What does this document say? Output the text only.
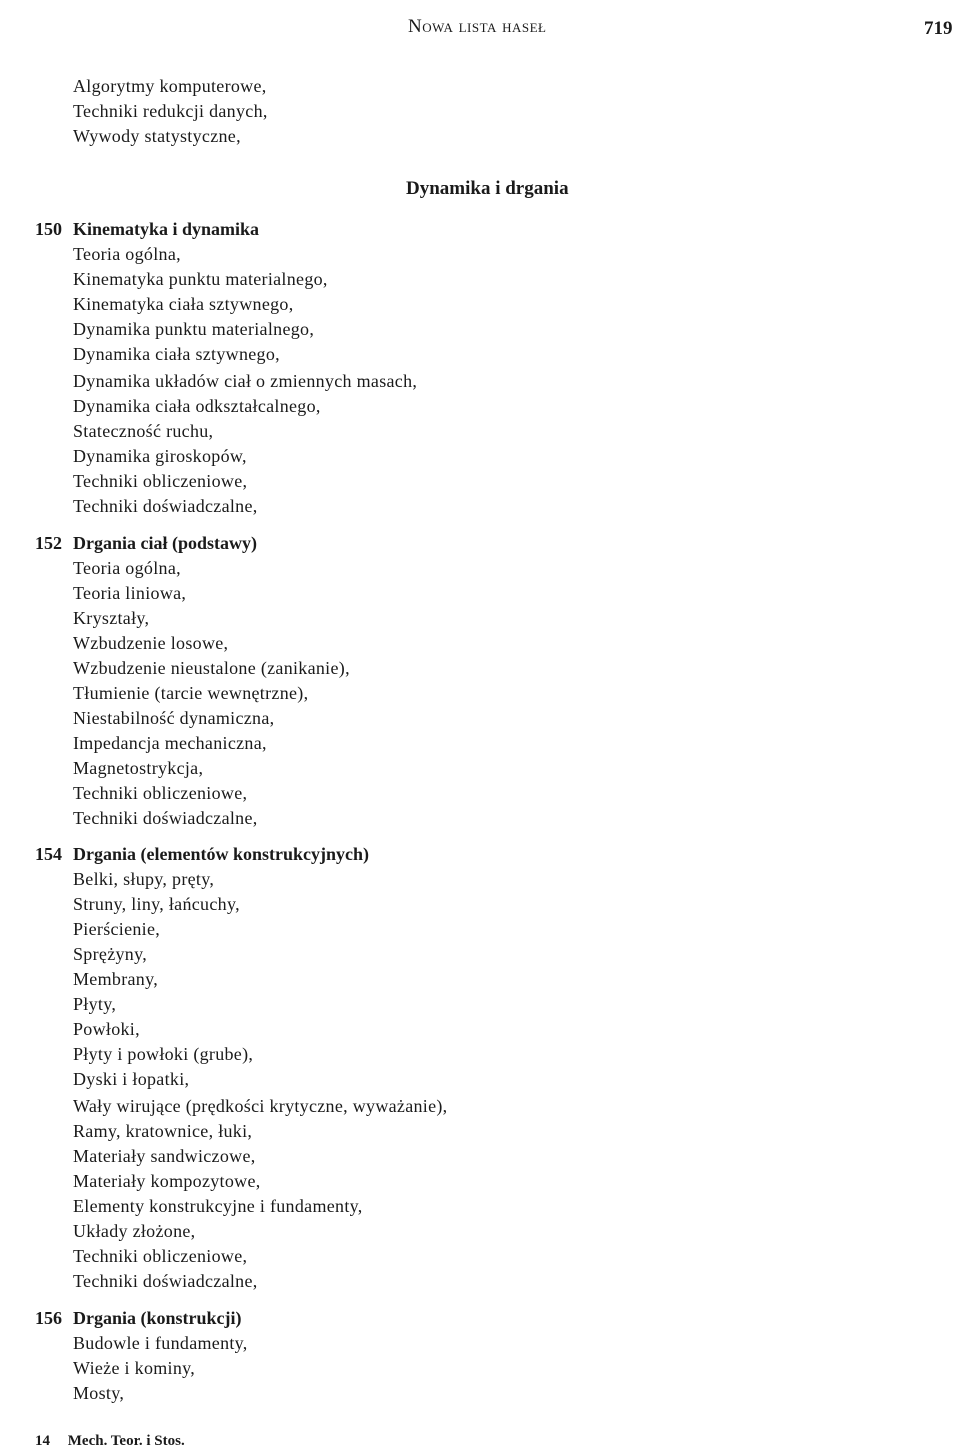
Nowa lista haseł	719
Algorytmy komputerowe,
Techniki redukcji danych,
Wywody statystyczne,
Dynamika i drgania
150 Kinematyka i dynamika
Teoria ogólna,
Kinematyka punktu materialnego,
Kinematyka ciała sztywnego,
Dynamika punktu materialnego,
Dynamika ciała sztywnego,
Dynamika układów ciał o zmiennych masach,
Dynamika ciała odkształcalnego,
Stateczność ruchu,
Dynamika giroskopów,
Techniki obliczeniowe,
Techniki doświadczalne,
152 Drgania ciał (podstawy)
Teoria ogólna,
Teoria liniowa,
Kryształy,
Wzbudzenie losowe,
Wzbudzenie nieustalone (zanikanie),
Tłumienie (tarcie wewnętrzne),
Niestabilność dynamiczna,
Impedancja mechaniczna,
Magnetostrykcja,
Techniki obliczeniowe,
Techniki doświadczalne,
154 Drgania (elementów konstrukcyjnych)
Belki, słupy, pręty,
Struny, liny, łańcuchy,
Pierścienie,
Sprężyny,
Membrany,
Płyty,
Powłoki,
Płyty i powłoki (grube),
Dyski i łopatki,
Wały wirujące (prędkości krytyczne, wyważanie),
Ramy, kratownice, łuki,
Materiały sandwiczowe,
Materiały kompozytowe,
Elementy konstrukcyjne i fundamenty,
Układy złożone,
Techniki obliczeniowe,
Techniki doświadczalne,
156 Drgania (konstrukcji)
Budowle i fundamenty,
Wieże i kominy,
Mosty,
14 Mech. Teor. i Stos.
